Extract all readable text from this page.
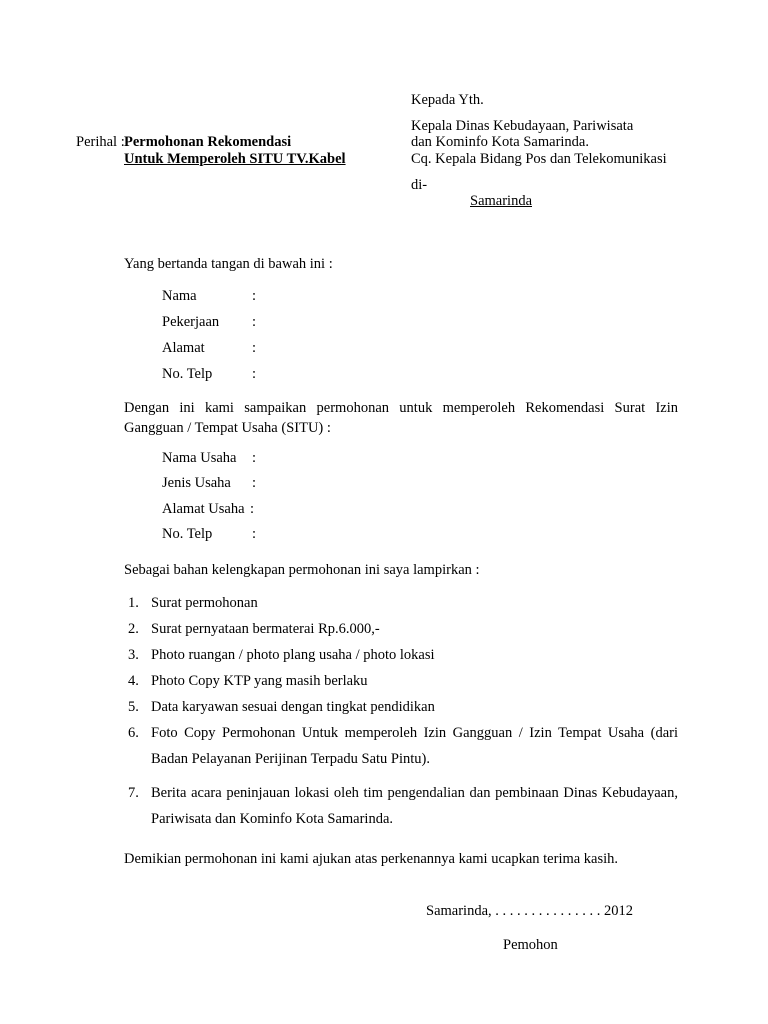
Kepada Yth.
Kepala Dinas Kebudayaan, Pariwisata
dan Kominfo Kota Samarinda.
Cq. Kepala Bidang Pos dan Telekomunikasi
di-
Samarinda
Perihal : Permohonan Rekomendasi
Untuk Memperoleh SITU TV.Kabel
Yang bertanda tangan di bawah ini :
Nama	:
Pekerjaan :
Alamat	:
No. Telp	:
Dengan ini kami sampaikan permohonan untuk memperoleh Rekomendasi Surat Izin Gangguan / Tempat Usaha (SITU) :
Nama Usaha :
Jenis Usaha :
Alamat Usaha :
No. Telp	:
Sebagai bahan kelengkapan permohonan ini saya lampirkan :
1. Surat permohonan
2. Surat pernyataan bermaterai Rp.6.000,-
3. Photo ruangan / photo plang usaha / photo lokasi
4. Photo Copy KTP yang masih berlaku
5. Data karyawan sesuai dengan tingkat pendidikan
6. Foto Copy Permohonan Untuk memperoleh Izin Gangguan / Izin Tempat Usaha (dari Badan Pelayanan Perijinan Terpadu Satu Pintu).
7. Berita acara peninjauan lokasi oleh tim pengendalian dan pembinaan Dinas Kebudayaan, Pariwisata dan Kominfo Kota Samarinda.
Demikian permohonan ini kami ajukan atas perkenannya kami ucapkan terima kasih.
Samarinda, . . . . . . . . . . . . . . . 2012
Pemohon
